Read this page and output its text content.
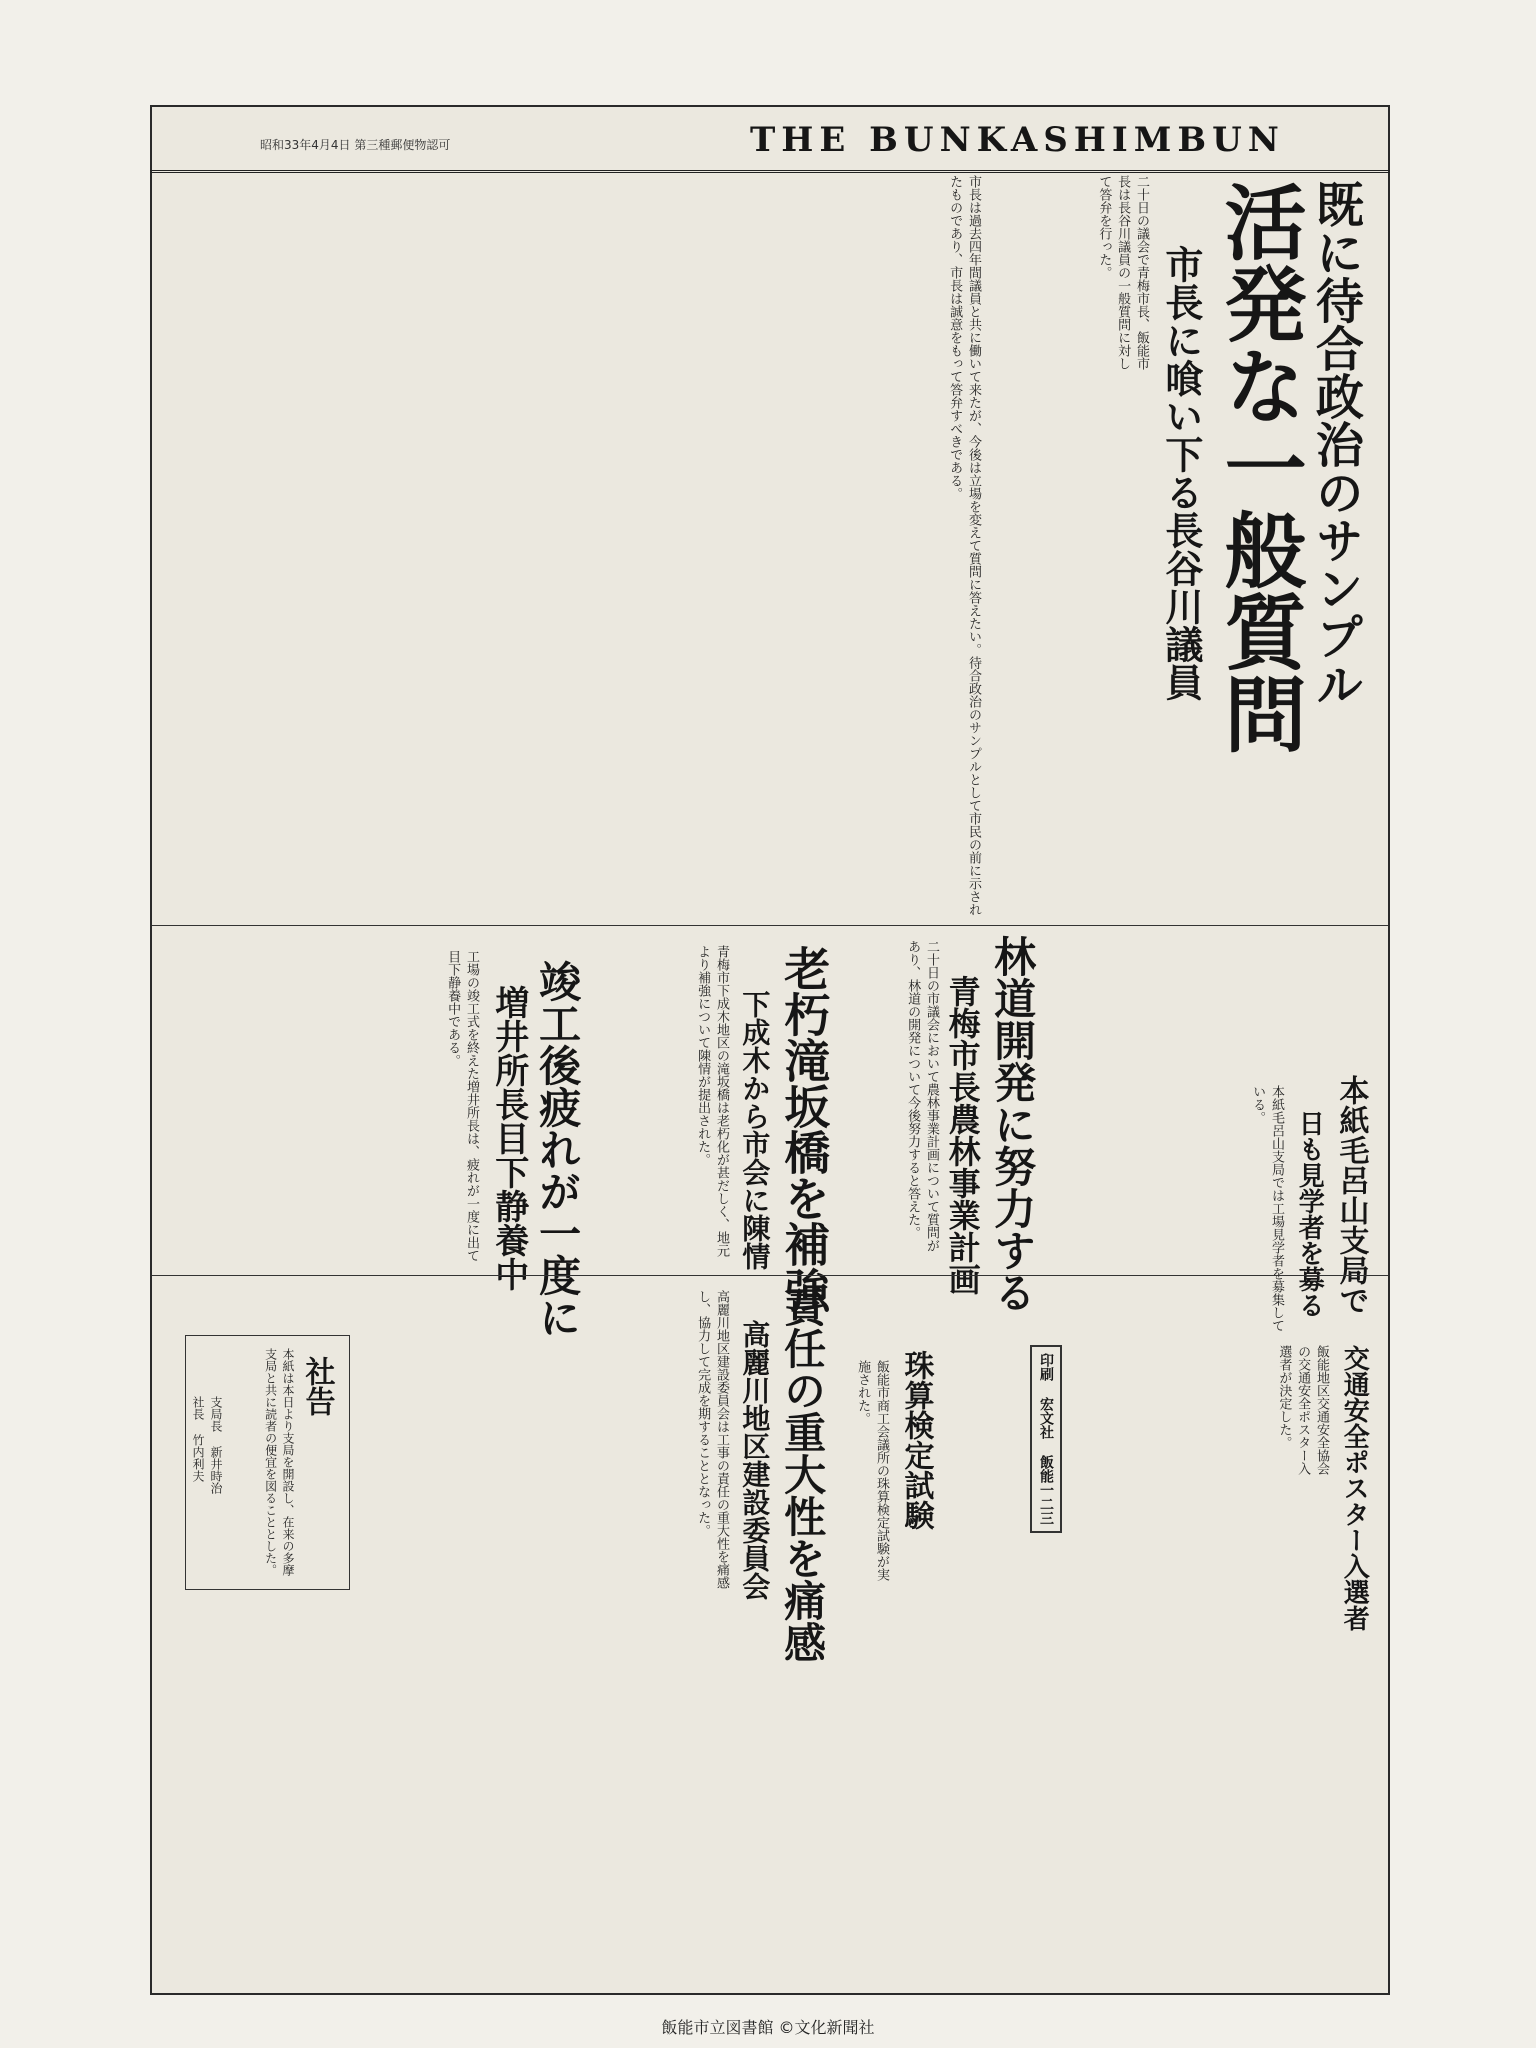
昭和33年4月4日 第三種郵便物認可	THE BUNKASHIMBUN
既に待合政治のサンプル
活発な一般質問
市長に喰い下る長谷川議員
二十日の議会で青梅市長、飯能市長は長谷川議員の一般質問に対して答弁を行った。
市長は過去四年間議員と共に働いて来たが、今後は立場を変えて質問に答えたい。待合政治のサンプルとして市民の前に示されたものであり、市長は誠意をもって答弁すべきである。
林道開発に努力する
青梅市長農林事業計画
二十日の市議会において農林事業計画について質問があり、林道の開発について今後努力すると答えた。
老朽滝坂橋を補強
下成木から市会に陳情
青梅市下成木地区の滝坂橋は老朽化が甚だしく、地元より補強について陳情が提出された。
竣工後疲れが一度に
増井所長目下静養中
工場の竣工式を終えた増井所長は、疲れが一度に出て目下静養中である。
本紙毛呂山支局で
日も見学者を募る
本紙毛呂山支局では工場見学者を募集している。
責任の重大性を痛感
高麗川地区建設委員会
高麗川地区建設委員会は工事の責任の重大性を痛感し、協力して完成を期することとなった。	交通安全ポスター入選者
飯能地区交通安全協会の交通安全ポスター入選者が決定した。
印刷 宏文社 飯能一二三
珠算検定試験
飯能市商工会議所の珠算検定試験が実施された。
社告
本紙は本日より支局を開設し、在来の多摩支局と共に読者の便宜を図ることとした。
支局長 新井時治
社長 竹内利夫
飯能市立図書館 ©文化新聞社
